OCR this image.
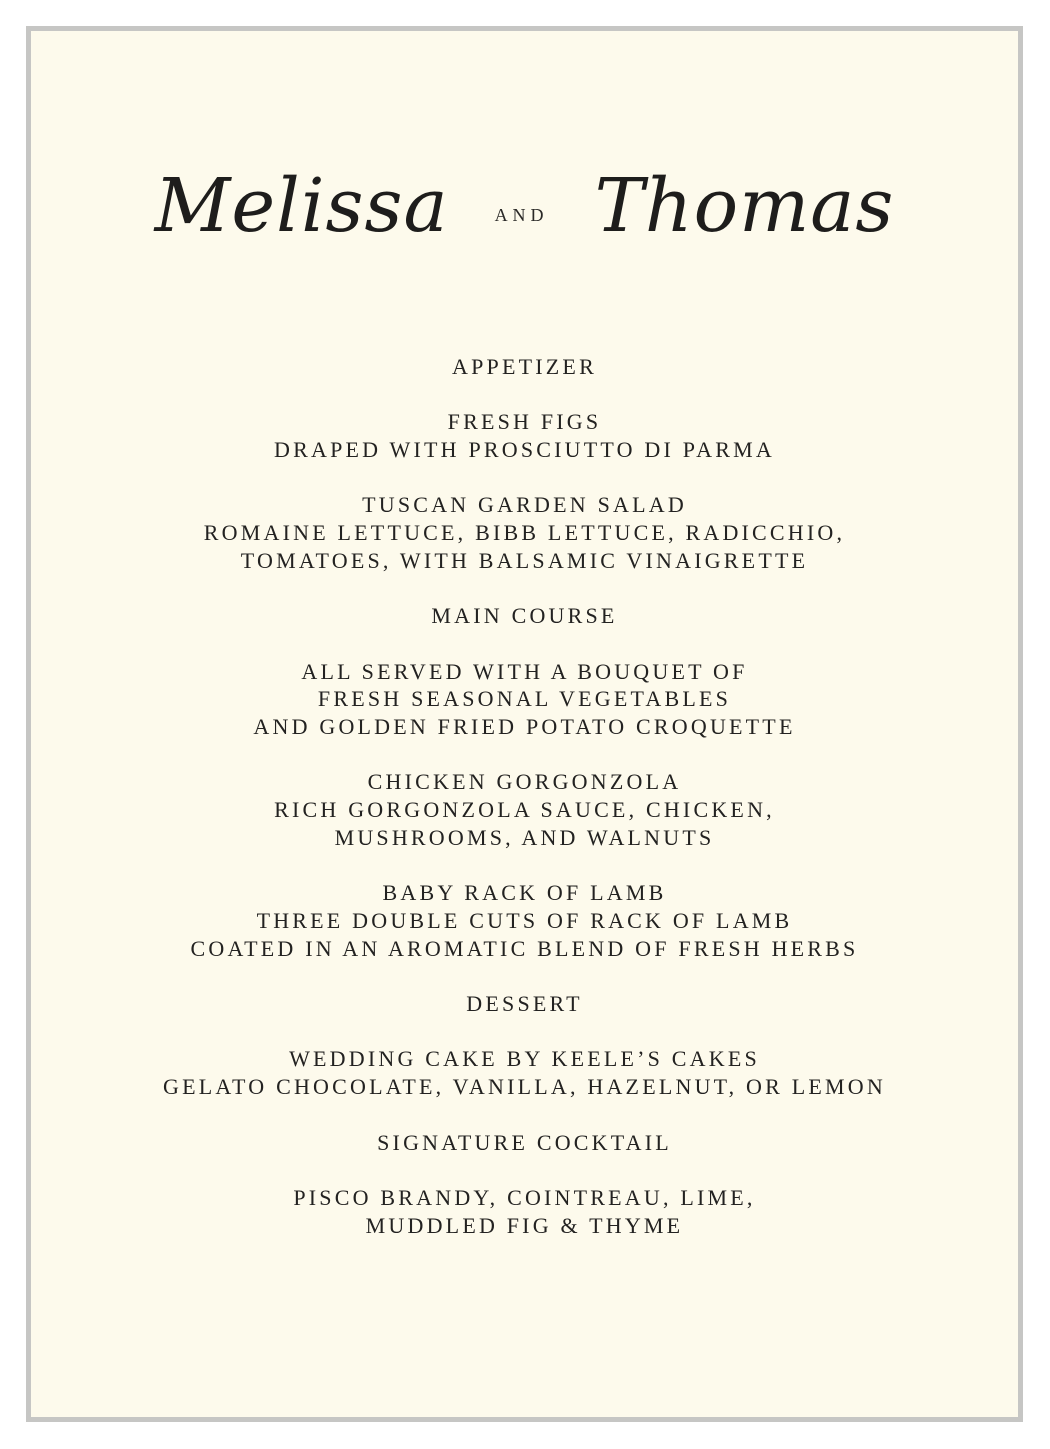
Melissa	AND Thomas
APPETIZER
FRESH FIGS
DRAPED WITH PROSCIUTTO DI PARMA
TUSCAN GARDEN SALAD
ROMAINE LETTUCE, BIBB LETTUCE, RADICCHIO,
TOMATOES, WITH BALSAMIC VINAIGRETTE
MAIN COURSE
ALL SERVED WITH A BOUQUET OF
FRESH SEASONAL VEGETABLES
AND GOLDEN FRIED POTATO CROQUETTE
CHICKEN GORGONZOLA
RICH GORGONZOLA SAUCE, CHICKEN,
MUSHROOMS, AND WALNUTS
BABY RACK OF LAMB
THREE DOUBLE CUTS OF RACK OF LAMB
COATED IN AN AROMATIC BLEND OF FRESH HERBS
DESSERT
WEDDING CAKE BY KEELE’S CAKES
GELATO CHOCOLATE, VANILLA, HAZELNUT, OR LEMON
SIGNATURE COCKTAIL
PISCO BRANDY, COINTREAU, LIME,
MUDDLED FIG & THYME
